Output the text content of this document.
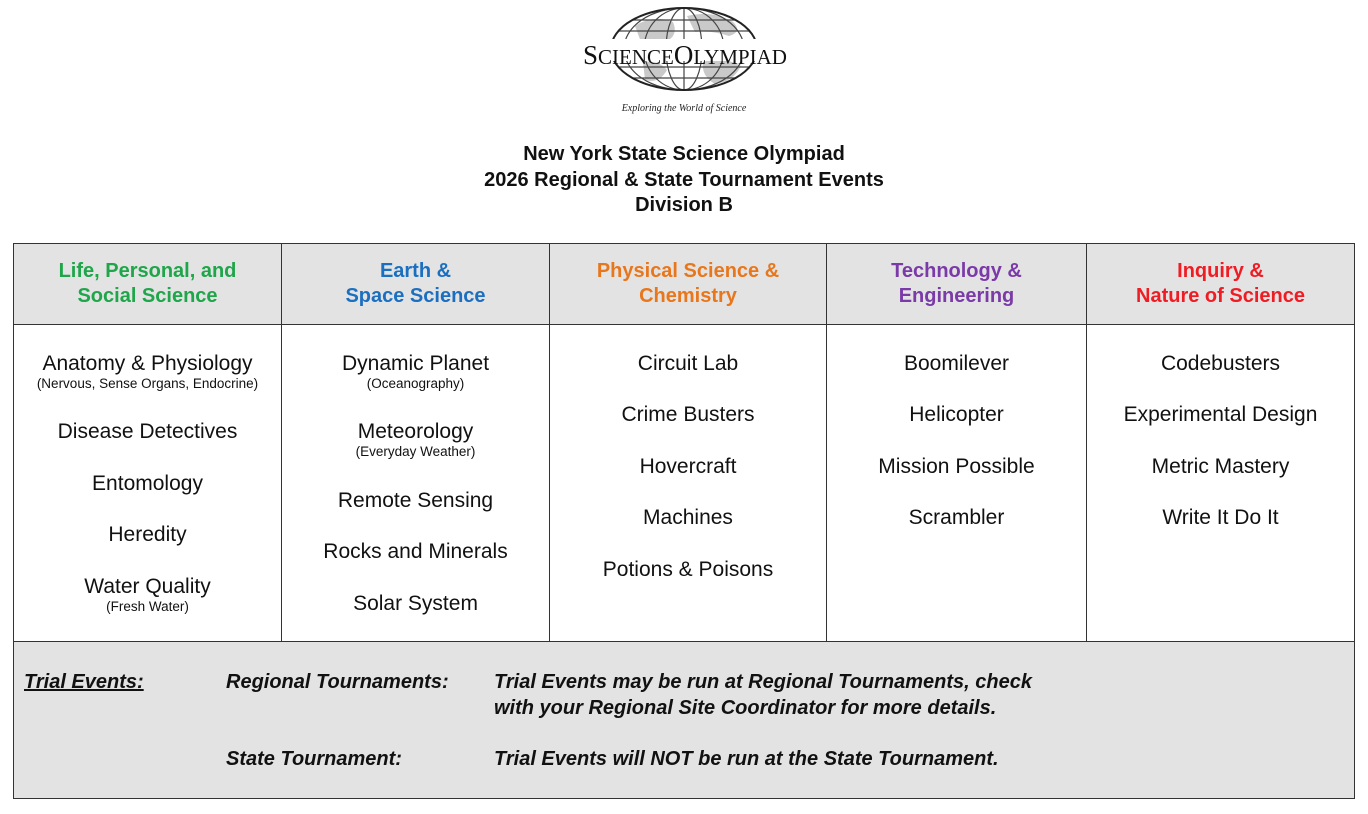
SCIENCEOLYMPIAD
Exploring the World of Science
New York State Science Olympiad
2026 Regional & State Tournament Events
Division B
Life, Personal, and
Social Science
Earth &
Space Science
Physical Science &
Chemistry
Technology &
Engineering
Inquiry &
Nature of Science
Anatomy & Physiology
(Nervous, Sense Organs, Endocrine)
Disease Detectives
Entomology
Heredity
Water Quality
(Fresh Water)
Dynamic Planet
(Oceanography)
Meteorology
(Everyday Weather)
Remote Sensing
Rocks and Minerals
Solar System
Circuit Lab
Crime Busters
Hovercraft
Machines
Potions & Poisons
Boomilever
Helicopter
Mission Possible
Scrambler
Codebusters
Experimental Design
Metric Mastery
Write It Do It
Trial Events:	Regional Tournaments: Trial Events may be run at Regional Tournaments, check
with your Regional Site Coordinator for more details.
State Tournament:	Trial Events will NOT be run at the State Tournament.
